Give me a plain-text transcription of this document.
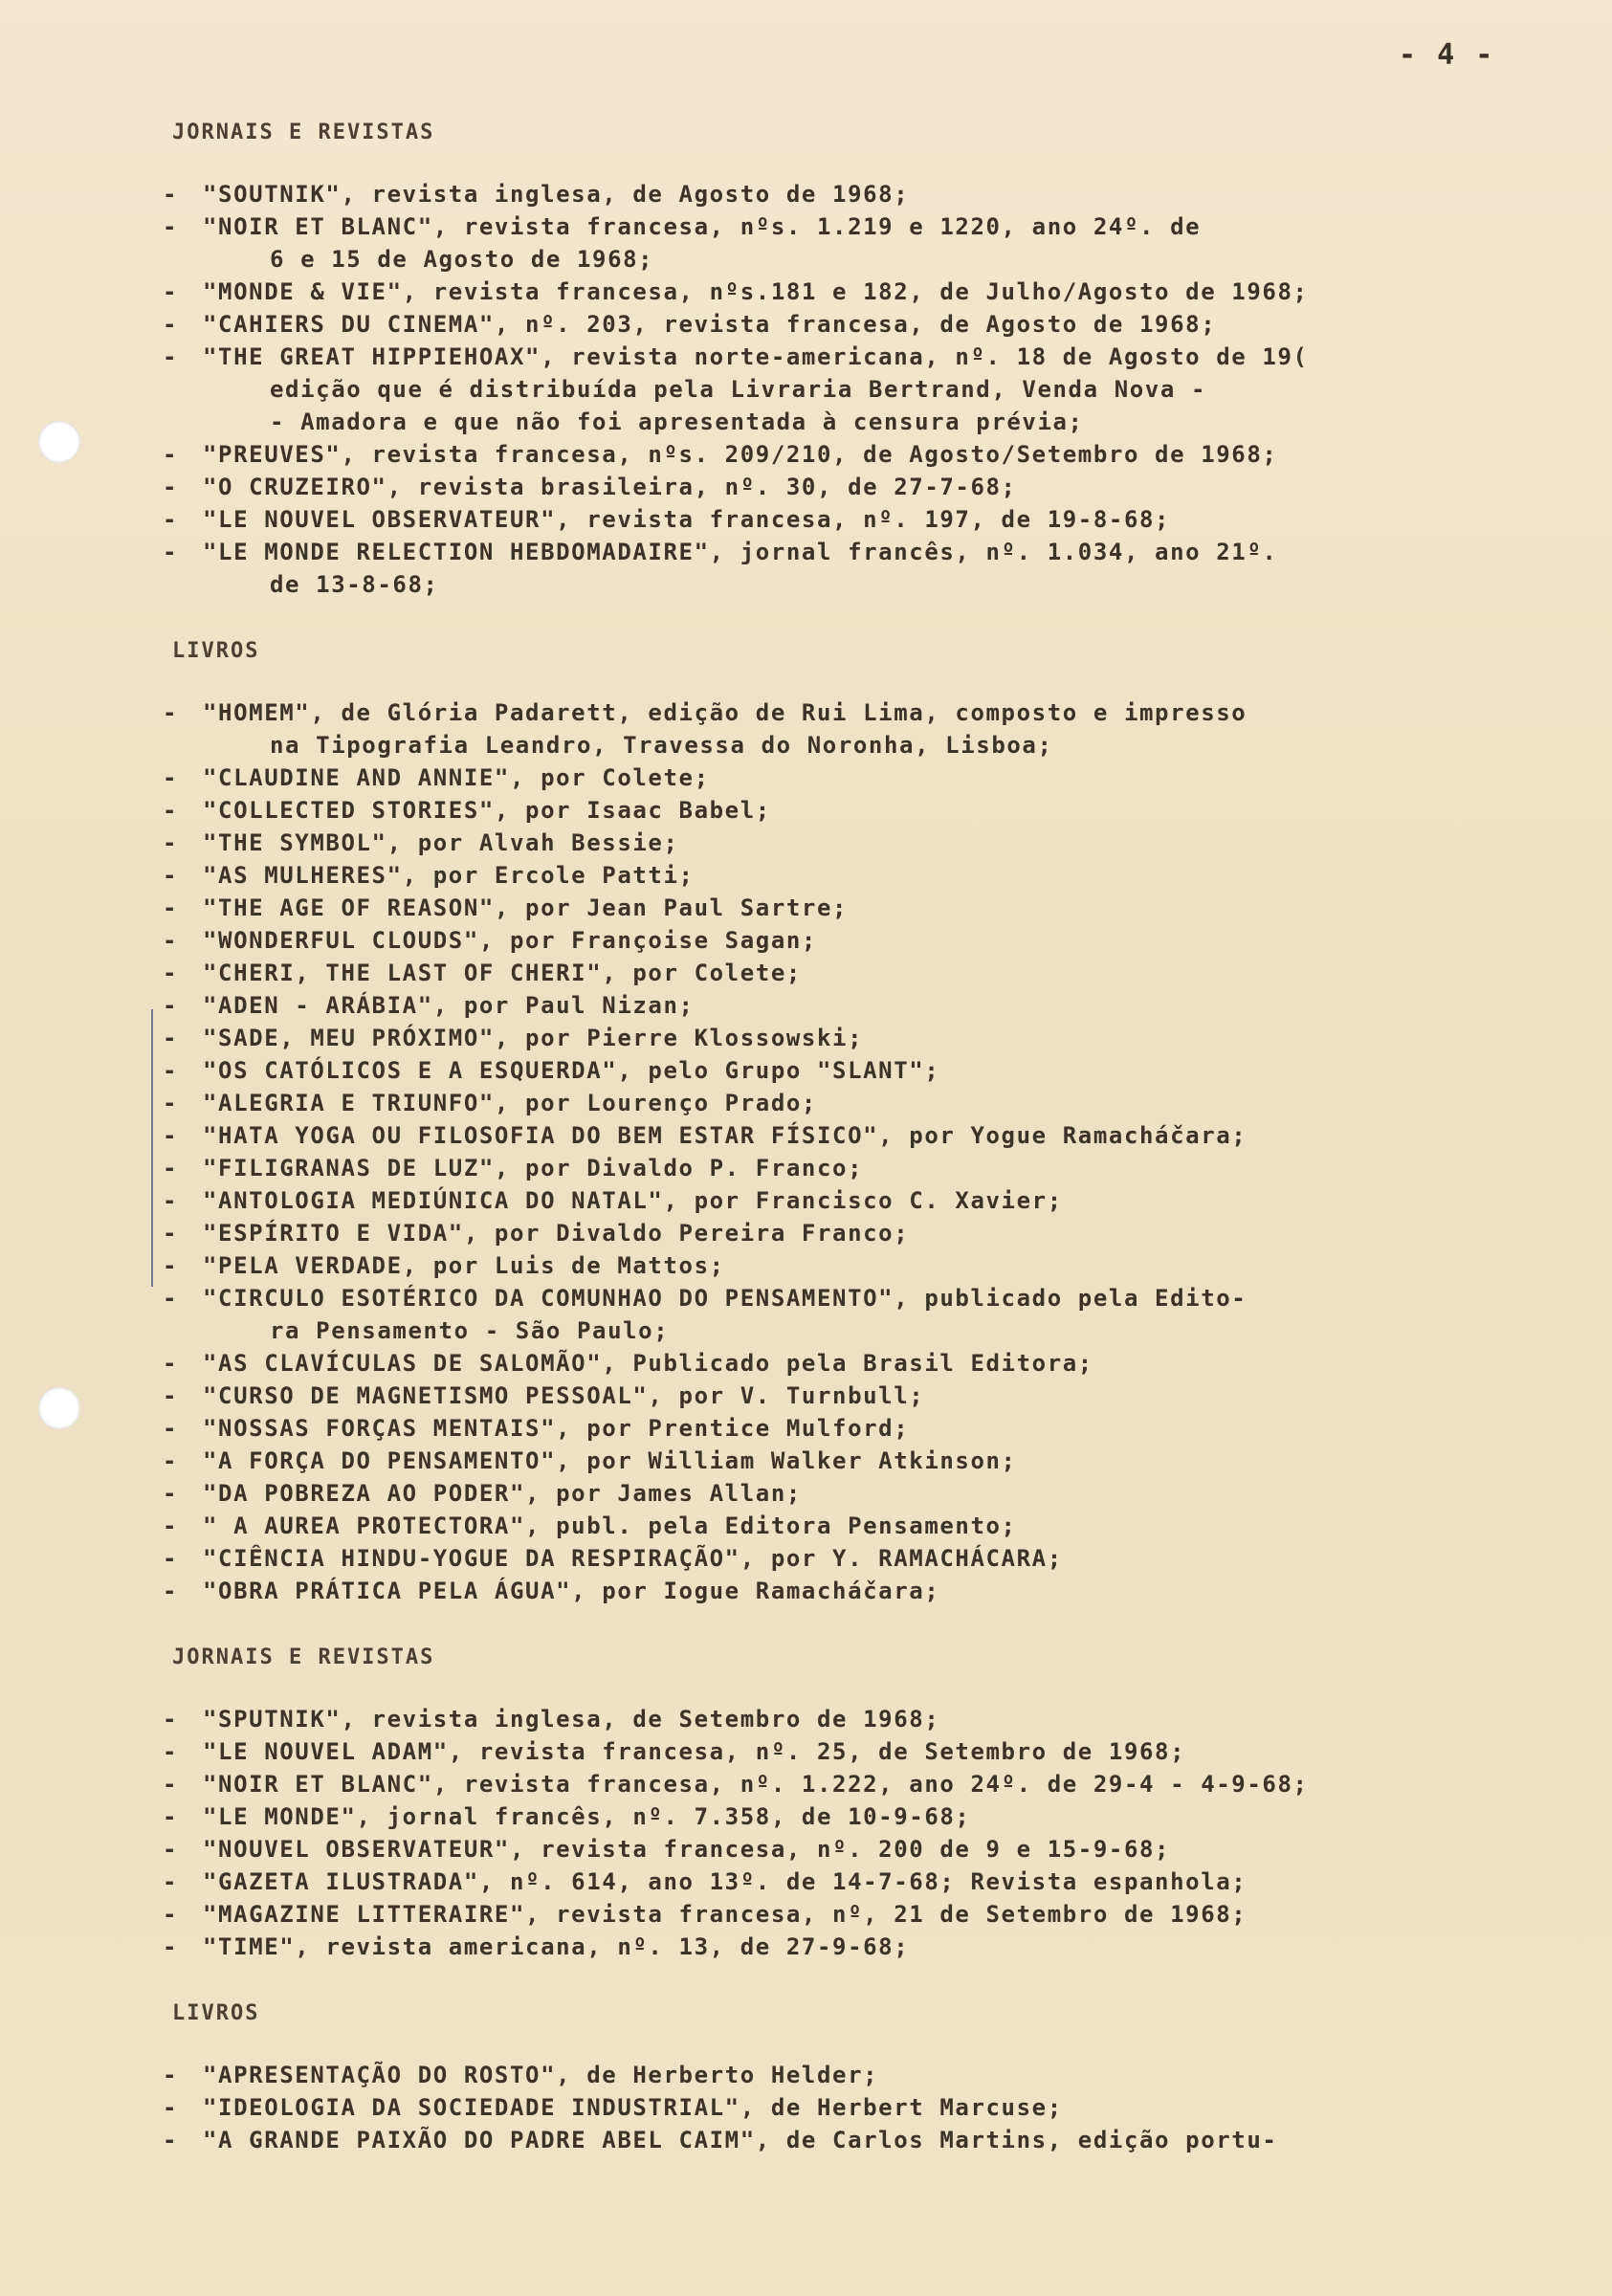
- 4 -
JORNAIS E REVISTAS
- "SOUTNIK", revista inglesa, de Agosto de 1968;
- "NOIR ET BLANC", revista francesa, nºs. 1.219 e 1220, ano 24º. de
6 e 15 de Agosto de 1968;
- "MONDE & VIE", revista francesa, nºs.181 e 182, de Julho/Agosto de 1968;
- "CAHIERS DU CINEMA", nº. 203, revista francesa, de Agosto de 1968;
- "THE GREAT HIPPIEHOAX", revista norte-americana, nº. 18 de Agosto de 19(
edição que é distribuída pela Livraria Bertrand, Venda Nova -
- Amadora e que não foi apresentada à censura prévia;
- "PREUVES", revista francesa, nºs. 209/210, de Agosto/Setembro de 1968;
- "O CRUZEIRO", revista brasileira, nº. 30, de 27-7-68;
- "LE NOUVEL OBSERVATEUR", revista francesa, nº. 197, de 19-8-68;
- "LE MONDE RELECTION HEBDOMADAIRE", jornal francês, nº. 1.034, ano 21º.
de 13-8-68;
LIVROS
- "HOMEM", de Glória Padarett, edição de Rui Lima, composto e impresso
na Tipografia Leandro, Travessa do Noronha, Lisboa;
- "CLAUDINE AND ANNIE", por Colete;
- "COLLECTED STORIES", por Isaac Babel;
- "THE SYMBOL", por Alvah Bessie;
- "AS MULHERES", por Ercole Patti;
- "THE AGE OF REASON", por Jean Paul Sartre;
- "WONDERFUL CLOUDS", por Françoise Sagan;
- "CHERI, THE LAST OF CHERI", por Colete;
- "ADEN - ARÁBIA", por Paul Nizan;
- "SADE, MEU PRÓXIMO", por Pierre Klossowski;
- "OS CATÓLICOS E A ESQUERDA", pelo Grupo "SLANT";
- "ALEGRIA E TRIUNFO", por Lourenço Prado;
- "HATA YOGA OU FILOSOFIA DO BEM ESTAR FÍSICO", por Yogue Ramacháčara;
- "FILIGRANAS DE LUZ", por Divaldo P. Franco;
- "ANTOLOGIA MEDIÚNICA DO NATAL", por Francisco C. Xavier;
- "ESPÍRITO E VIDA", por Divaldo Pereira Franco;
- "PELA VERDADE, por Luis de Mattos;
- "CIRCULO ESOTÉRICO DA COMUNHAO DO PENSAMENTO", publicado pela Edito-
ra Pensamento - São Paulo;
- "AS CLAVÍCULAS DE SALOMÃO", Publicado pela Brasil Editora;
- "CURSO DE MAGNETISMO PESSOAL", por V. Turnbull;
- "NOSSAS FORÇAS MENTAIS", por Prentice Mulford;
- "A FORÇA DO PENSAMENTO", por William Walker Atkinson;
- "DA POBREZA AO PODER", por James Allan;
- " A AUREA PROTECTORA", publ. pela Editora Pensamento;
- "CIÊNCIA HINDU-YOGUE DA RESPIRAÇÃO", por Y. RAMACHÁCARA;
- "OBRA PRÁTICA PELA ÁGUA", por Iogue Ramacháčara;
JORNAIS E REVISTAS
- "SPUTNIK", revista inglesa, de Setembro de 1968;
- "LE NOUVEL ADAM", revista francesa, nº. 25, de Setembro de 1968;
- "NOIR ET BLANC", revista francesa, nº. 1.222, ano 24º. de 29-4 - 4-9-68;
- "LE MONDE", jornal francês, nº. 7.358, de 10-9-68;
- "NOUVEL OBSERVATEUR", revista francesa, nº. 200 de 9 e 15-9-68;
- "GAZETA ILUSTRADA", nº. 614, ano 13º. de 14-7-68; Revista espanhola;
- "MAGAZINE LITTERAIRE", revista francesa, nº, 21 de Setembro de 1968;
- "TIME", revista americana, nº. 13, de 27-9-68;
LIVROS
- "APRESENTAÇÃO DO ROSTO", de Herberto Helder;
- "IDEOLOGIA DA SOCIEDADE INDUSTRIAL", de Herbert Marcuse;
- "A GRANDE PAIXÃO DO PADRE ABEL CAIM", de Carlos Martins, edição portu-
